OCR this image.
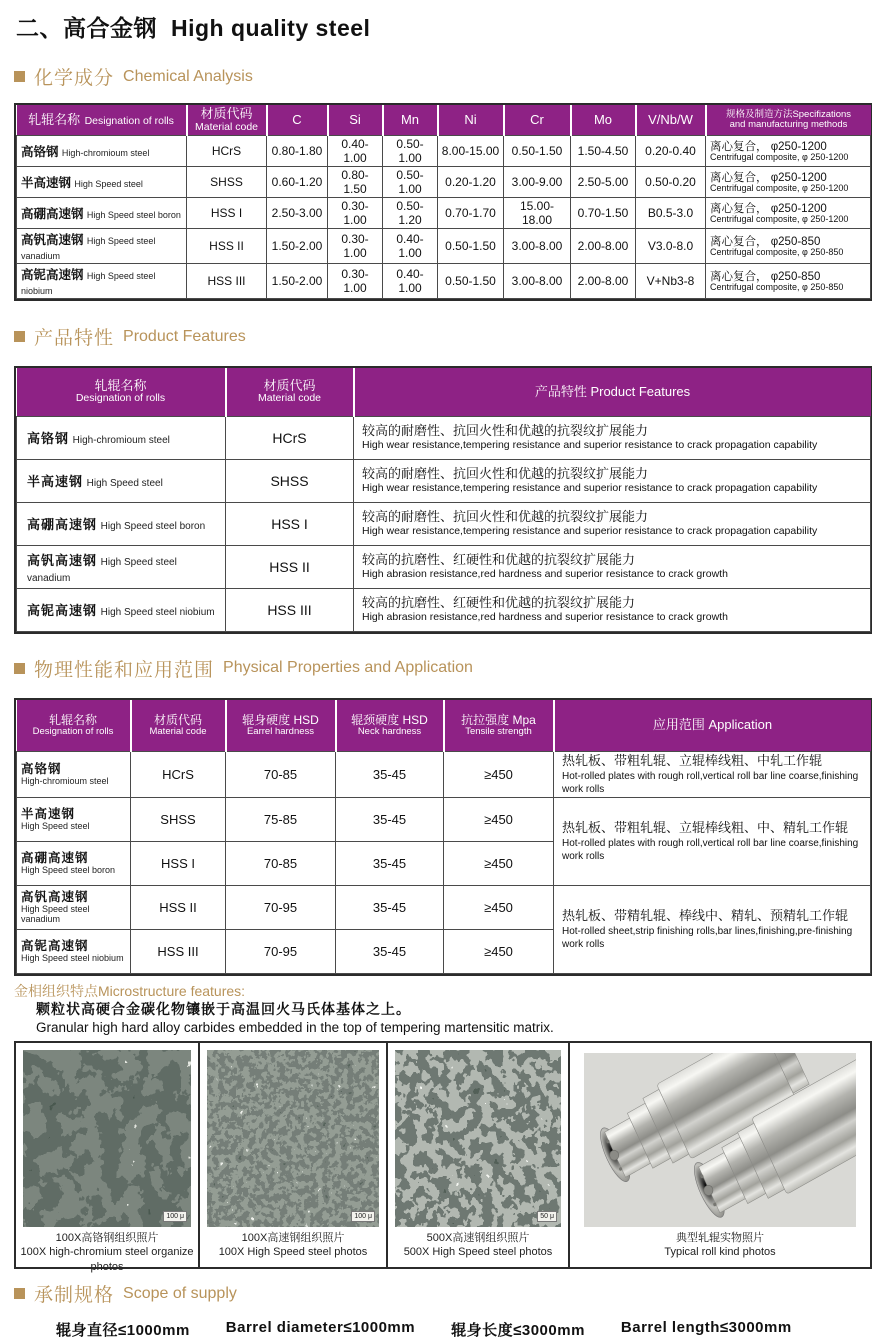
二、高合金钢 High quality steel
化学成分 Chemical Analysis
轧辊名称 Designation of rolls	
材质代码
Material code	C	Si	Mn	Ni	Cr	Mo	V/Nb/W	规格及制造方法Specifizations
and manufacturing methods

高铬钢 High-chromioum steel	HCrS	0.80-1.80	0.40-1.00	0.50-1.00	8.00-15.00	0.50-1.50	1.50-4.50	0.20-0.40	离心复合， φ250-1200
Centrifugal composite, φ 250-1200

半高速钢 High Speed steel	SHSS	0.60-1.20	0.80-1.50	0.50-1.00	0.20-1.20	3.00-9.00	2.50-5.00	0.50-0.20	离心复合， φ250-1200
Centrifugal composite, φ 250-1200

高硼高速钢 High Speed steel boron	HSS I	2.50-3.00	0.30-1.00	0.50-1.20	0.70-1.70	15.00-18.00	0.70-1.50	B0.5-3.0	离心复合， φ250-1200
Centrifugal composite, φ 250-1200

高钒高速钢 High Speed steel vanadium	HSS II	1.50-2.00	0.30-1.00	0.40-1.00	0.50-1.50	3.00-8.00	2.00-8.00	V3.0-8.0	离心复合， φ250-850
Centrifugal composite, φ 250-850

高铌高速钢 High Speed steel niobium	HSS III	1.50-2.00	0.30-1.00	0.40-1.00	0.50-1.50	3.00-8.00	2.00-8.00	V+Nb3-8	离心复合， φ250-850
Centrifugal composite, φ 250-850
产品特性 Product Features
轧辊名称
Designation of rolls

材质代码
Material code	产品特性 Product Features
高铬钢 High-chromioum steel	HCrS	较高的耐磨性、抗回火性和优越的抗裂纹扩展能力
High wear resistance,tempering resistance and superior resistance to crack propagation capability

半高速钢 High Speed steel	SHSS	较高的耐磨性、抗回火性和优越的抗裂纹扩展能力
High wear resistance,tempering resistance and superior resistance to crack propagation capability

高硼高速钢 High Speed steel boron	HSS I	较高的耐磨性、抗回火性和优越的抗裂纹扩展能力
High wear resistance,tempering resistance and superior resistance to crack propagation capability

高钒高速钢 High Speed steel vanadium	HSS II	较高的抗磨性、红硬性和优越的抗裂纹扩展能力
High abrasion resistance,red hardness and superior resistance to crack growth

高铌高速钢 High Speed steel niobium	HSS III	较高的抗磨性、红硬性和优越的抗裂纹扩展能力
High abrasion resistance,red hardness and superior resistance to crack growth
物理性能和应用范围 Physical Properties and Application
轧辊名称
Designation of rolls

材质代码
Material code

辊身硬度 HSD
Earrel hardness

辊颈硬度 HSD
Neck hardness

抗拉强度 Mpa
Tensile strength	应用范围 Application

高铬钢
High-chromioum steel	HCrS	70-85	35-45	≥450	热轧板、带粗轧辊、立辊棒线粗、中轧工作辊
Hot-rolled plates with rough roll,vertical roll bar line coarse,finishing work rolls

半高速钢
High Speed steel	SHSS	75-85	35-45	≥450	热轧板、带粗轧辊、立辊棒线粗、中、精轧工作辊
Hot-rolled plates with rough roll,vertical roll bar line coarse,finishing work rolls

高硼高速钢
High Speed steel boron	HSS I	70-85	35-45	≥450	

高钒高速钢
High Speed steel vanadium	HSS II	70-95	35-45	≥450	热轧板、带精轧辊、棒线中、精轧、预精轧工作辊
Hot-rolled sheet,strip finishing rolls,bar lines,finishing,pre-finishing work rolls

高铌高速钢
High Speed steel niobium	HSS III	70-95	35-45	≥450	
金相组织特点Microstructure features:
颗粒状高硬合金碳化物镶嵌于高温回火马氏体基体之上。
Granular high hard alloy carbides embedded in the top of tempering martensitic matrix.
100 μ
100X高铬钢组织照片
100X high-chromium steel organize photos
100 μ
100X高速钢组织照片
100X High Speed steel photos
50 μ
500X高速钢组织照片
500X High Speed steel photos
典型轧辊实物照片
Typical roll kind photos
承制规格 Scope of supply
辊身直径≤1000mm Barrel diameter≤1000mm 辊身长度≤3000mm Barrel length≤3000mm
